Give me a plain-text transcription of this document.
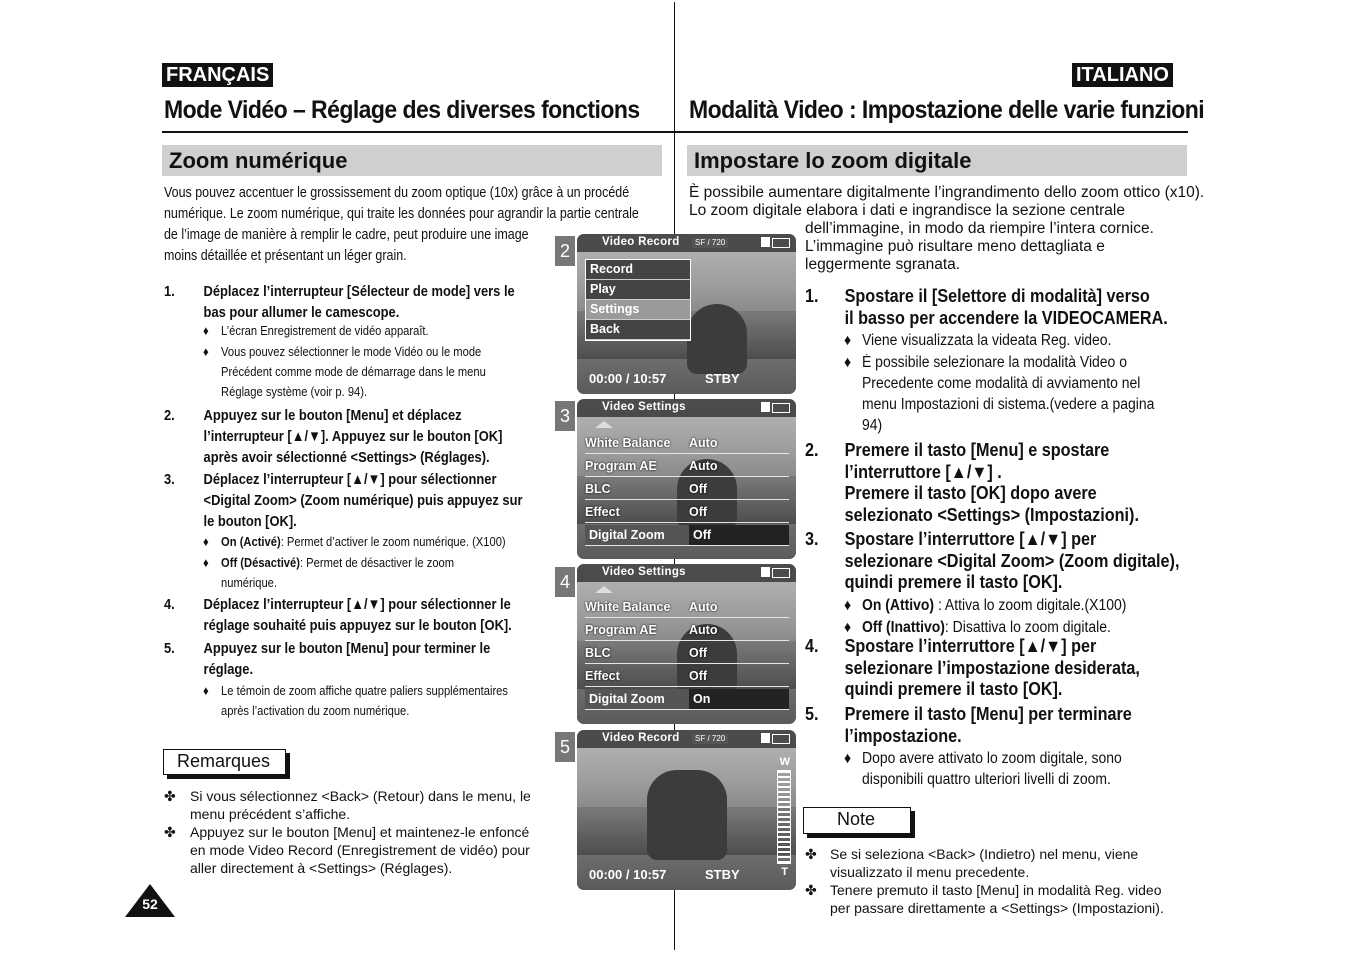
FRANÇAIS
Mode Vidéo – Réglage des diverses fonctions
Zoom numérique
Vous pouvez accentuer le grossissement du zoom optique (10x) grâce à un procédé
numérique. Le zoom numérique, qui traite les données pour agrandir la partie centrale
de l’image de manière à remplir le cadre, peut produire une image
moins détaillée et présentant un léger grain.
1. Déplacez l’interrupteur [Sélecteur de mode] vers le
bas pour allumer le camescope.
♦ L’écran Enregistrement de vidéo apparaît.
♦ Vous pouvez sélectionner le mode Vidéo ou le mode
Précédent comme mode de démarrage dans le menu
Réglage système (voir p. 94).
2. Appuyez sur le bouton [Menu] et déplacez
l’interrupteur [▲/▼]. Appuyez sur le bouton [OK]
après avoir sélectionné <Settings> (Réglages).
3. Déplacez l’interrupteur [▲/▼] pour sélectionner
<Digital Zoom> (Zoom numérique) puis appuyez sur
le bouton [OK].
♦ On (Activé): Permet d’activer le zoom numérique. (X100)
♦ Off (Désactivé): Permet de désactiver le zoom
numérique.
4. Déplacez l’interrupteur [▲/▼] pour sélectionner le
réglage souhaité puis appuyez sur le bouton [OK].
5. Appuyez sur le bouton [Menu] pour terminer le
réglage.
♦ Le témoin de zoom affiche quatre paliers supplémentaires
après l’activation du zoom numérique.
Remarques
✤ Si vous sélectionnez <Back> (Retour) dans le menu, le
menu précédent s’affiche.
✤ Appuyez sur le bouton [Menu] et maintenez-le enfoncé
en mode Video Record (Enregistrement de vidéo) pour
aller directement à <Settings> (Réglages).
52
2	Video Record	SF / 720
Record
Play
Settings
Back
00:00 / 10:57	STBY
3	Video Settings
White Balance Auto
Program AE	Auto
BLC	Off
Effect	Off
Digital Zoom	Off
4	Video Settings
White Balance Auto
Program AE	Auto
BLC	Off
Effect	Off
Digital Zoom	On
5	Video Record	SF / 720
W
T
00:00 / 10:57	STBY
ITALIANO
Modalità Video : Impostazione delle varie funzioni
Impostare lo zoom digitale
È possibile aumentare digitalmente l’ingrandimento dello zoom ottico (x10).
Lo zoom digitale elabora i dati e ingrandisce la sezione centrale
dell’immagine, in modo da riempire l’intera cornice.
L’immagine può risultare meno dettagliata e
leggermente sgranata.
1. Spostare il [Selettore di modalità] verso
il basso per accendere la VIDEOCAMERA.
♦ Viene visualizzata la videata Reg. video.
♦ È possibile selezionare la modalità Video o
Precedente come modalità di avviamento nel
menu Impostazioni di sistema.(vedere a pagina
94)
2. Premere il tasto [Menu] e spostare
l’interruttore [▲/▼] .
Premere il tasto [OK] dopo avere
selezionato <Settings> (Impostazioni).
3. Spostare l’interruttore [▲/▼] per
selezionare <Digital Zoom> (Zoom digitale),
quindi premere il tasto [OK].
♦ On (Attivo) : Attiva lo zoom digitale.(X100)
♦ Off (Inattivo): Disattiva lo zoom digitale.
4. Spostare l’interruttore [▲/▼] per
selezionare l’impostazione desiderata,
quindi premere il tasto [OK].
5. Premere il tasto [Menu] per terminare
l’impostazione.
♦ Dopo avere attivato lo zoom digitale, sono
disponibili quattro ulteriori livelli di zoom.
Note
✤ Se si seleziona <Back> (Indietro) nel menu, viene
visualizzato il menu precedente.
✤ Tenere premuto il tasto [Menu] in modalità Reg. video
per passare direttamente a <Settings> (Impostazioni).
